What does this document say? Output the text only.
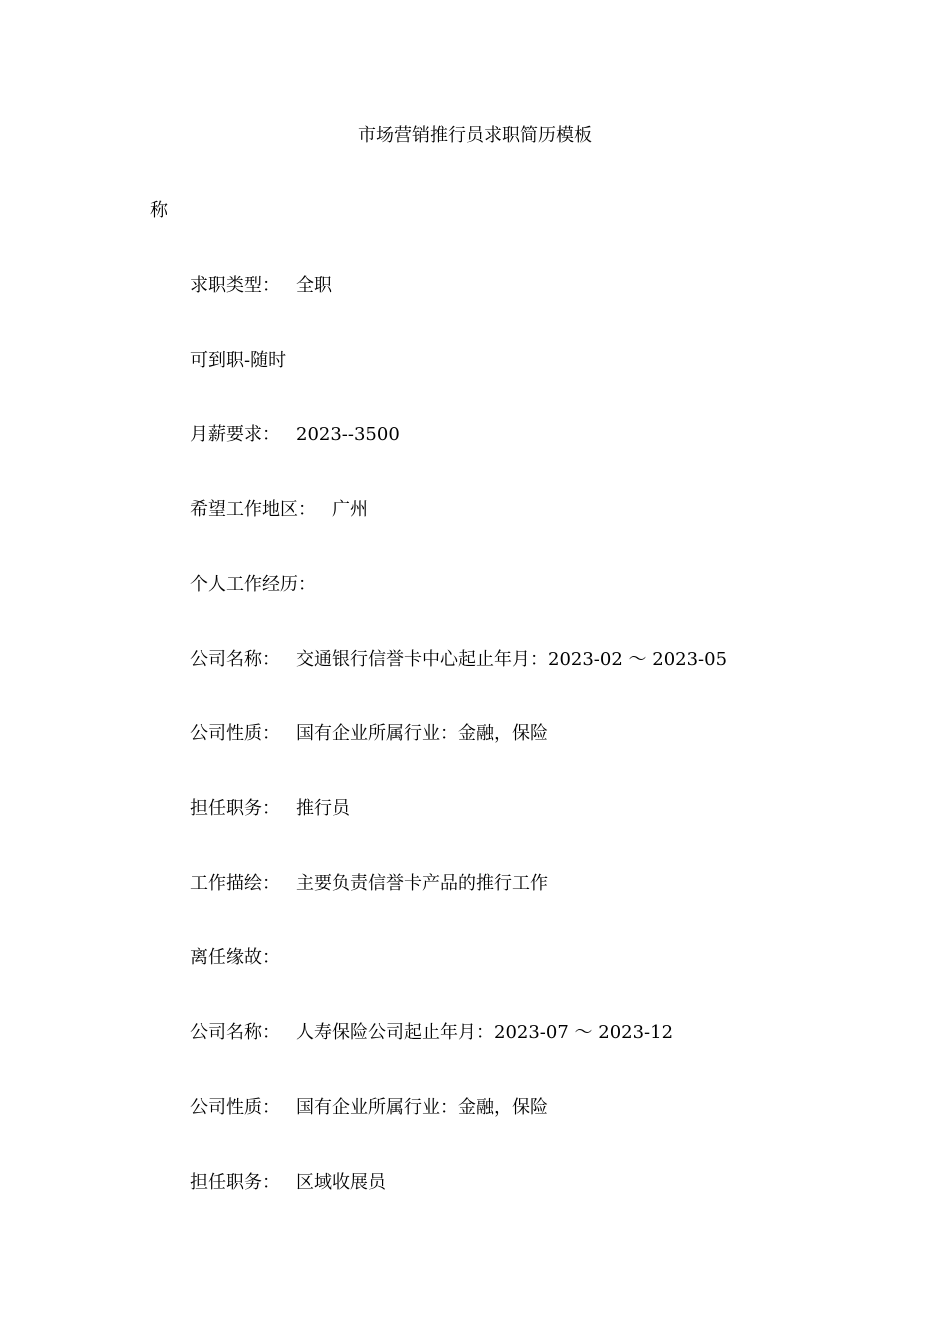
市场营销推行员求职简历模板
称
求职类型： 全职
可到职-随时
月薪要求： 2023--3500
希望工作地区： 广州
个人工作经历：
公司名称： 交通银行信誉卡中心起止年月：2023-02 ～ 2023-05
公司性质： 国有企业所属行业：金融，保险
担任职务： 推行员
工作描绘： 主要负责信誉卡产品的推行工作
离任缘故：
公司名称： 人寿保险公司起止年月：2023-07 ～ 2023-12
公司性质： 国有企业所属行业：金融，保险
担任职务： 区域收展员
